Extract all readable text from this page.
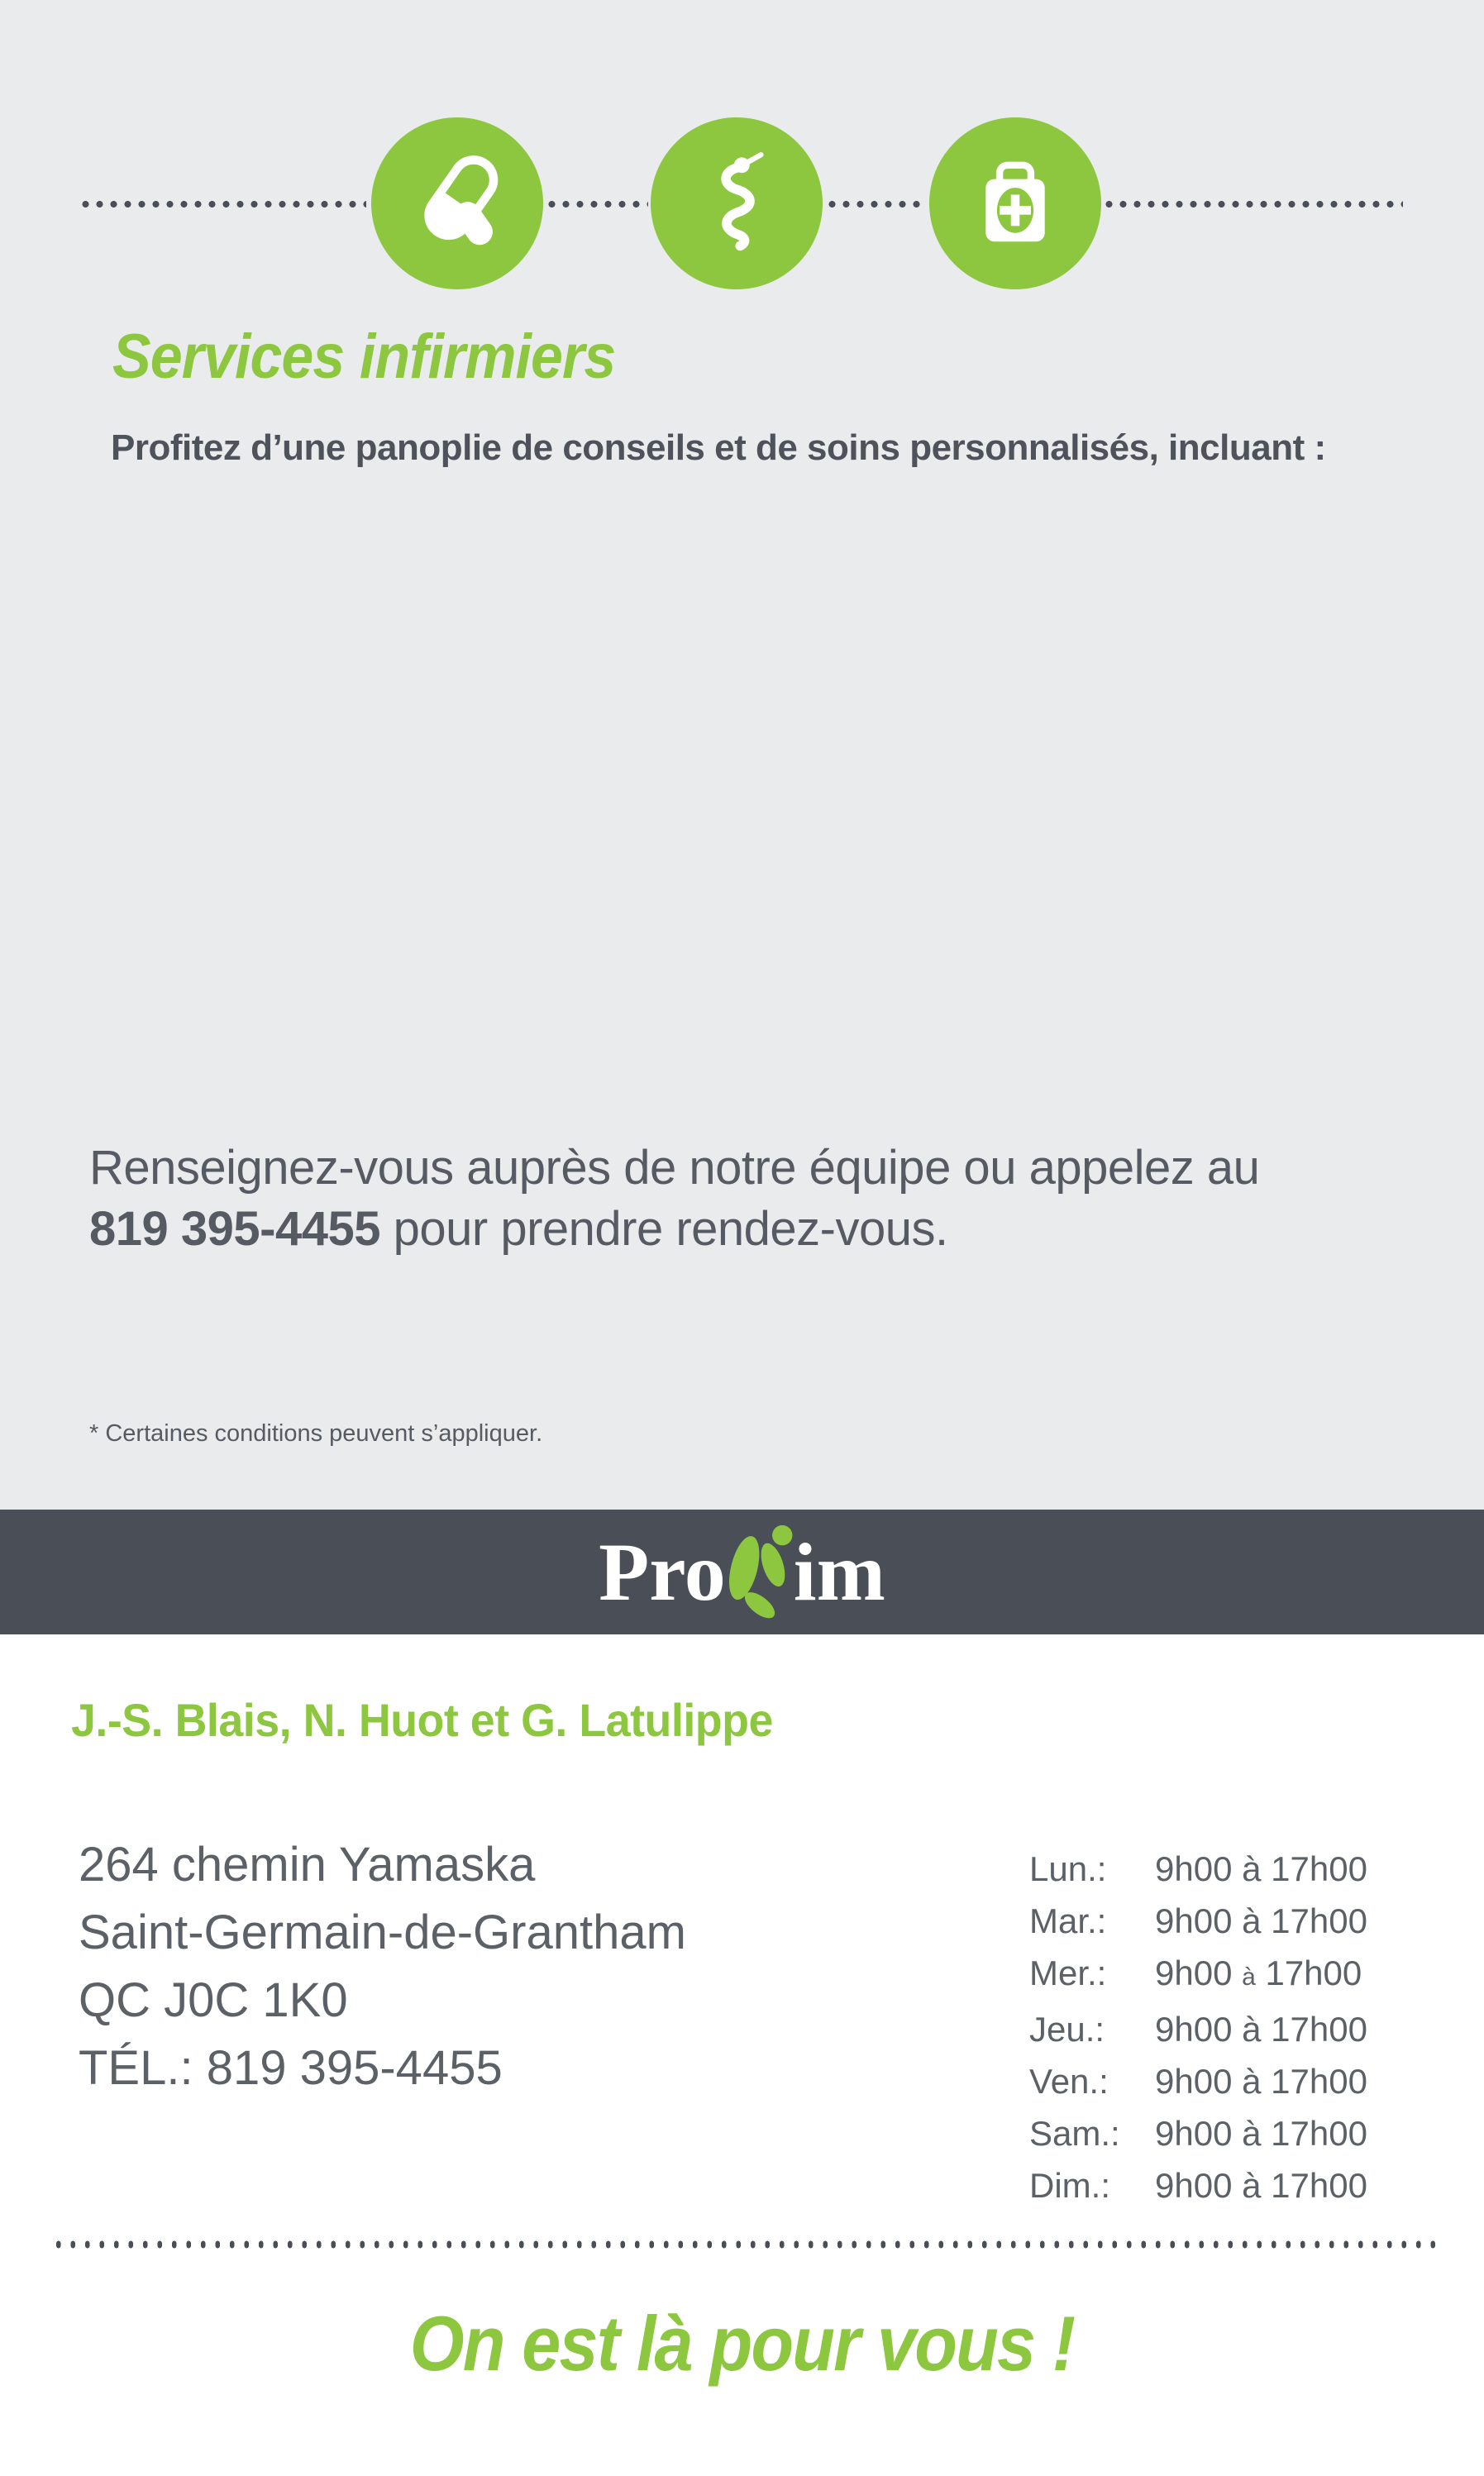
Services infirmiers

Profitez d’une panoplie de conseils et de soins personnalisés, incluant :

Renseignez-vous auprès de notre équipe ou appelez au
819 395-4455 pour prendre rendez-vous.

* Certaines conditions peuvent s’appliquer.

Pro im
J.-S. Blais, N. Huot et G. Latulippe
264 chemin Yamaska
Saint-Germain-de-Grantham
QC J0C 1K0
TÉL.: 819 395-4455
Lun.: 9h00 à 17h00
Mar.: 9h00 à 17h00
Mer.: 9h00 à 17h00
Jeu.: 9h00 à 17h00
Ven.: 9h00 à 17h00
Sam.: 9h00 à 17h00
Dim.: 9h00 à 17h00

On est là pour vous !
